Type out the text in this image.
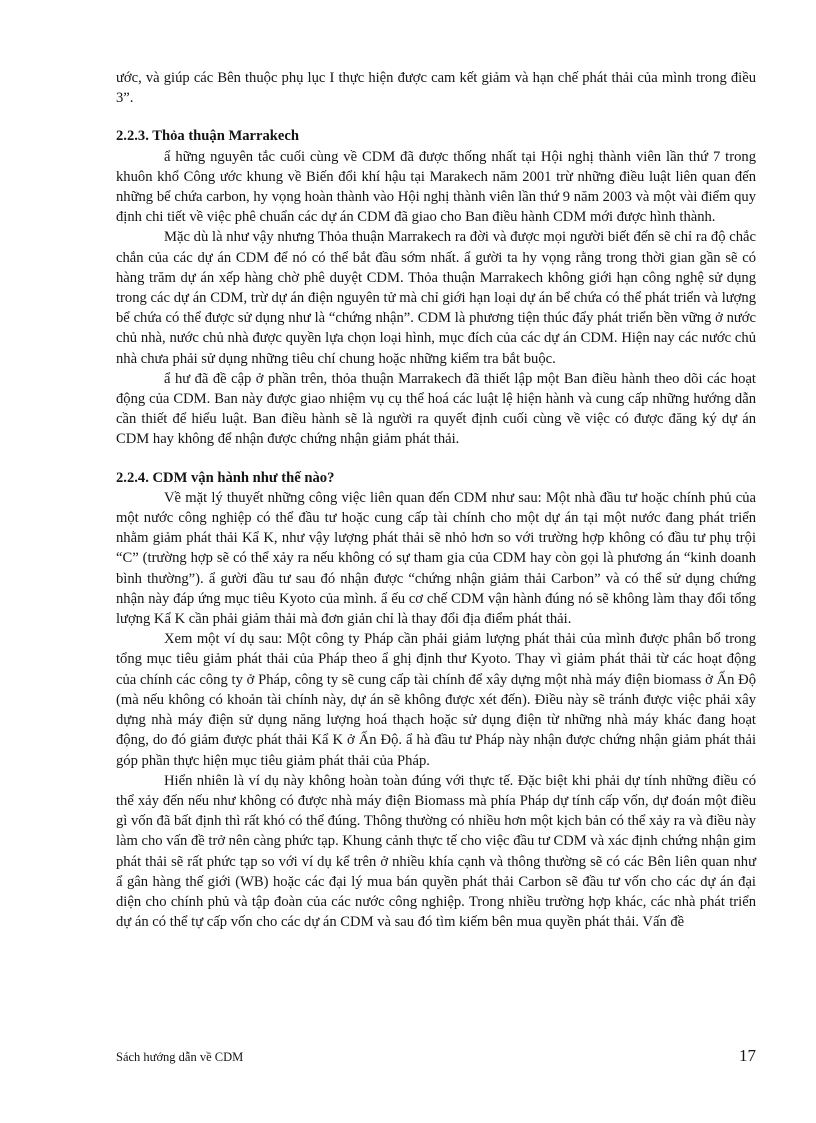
ước, và giúp các Bên thuộc phụ lục I thực hiện được cam kết giảm và hạn chế phát thải của mình trong điều 3”.

2.2.3. Thỏa thuận Marrakech

ẩ hững nguyên tắc cuối cùng về CDM đã được thống nhất tại Hội nghị thành viên lần thứ 7 trong khuôn khổ Công ước khung về Biến đổi khí hậu tại Marakech năm 2001 trừ những điều luật liên quan đến những bể chứa carbon, hy vọng hoàn thành vào Hội nghị thành viên lần thứ 9 năm 2003 và một vài điểm quy định chi tiết về việc phê chuẩn các dự án CDM đã giao cho Ban điều hành CDM mới được hình thành.

Mặc dù là như vậy nhưng Thỏa thuận Marrakech ra đời và được mọi người biết đến sẽ chỉ ra độ chắc chắn của các dự án CDM để nó có thể bắt đầu sớm nhất. ẩ gười ta hy vọng rằng trong thời gian gần sẽ có hàng trăm dự án xếp hàng chờ phê duyệt CDM. Thỏa thuận Marrakech không giới hạn công nghệ sử dụng trong các dự án CDM, trừ dự án điện nguyên tử mà chỉ giới hạn loại dự án bể chứa có thể phát triển và lượng bể chứa có thể được sử dụng như là “chứng nhận”. CDM là phương tiện thúc đẩy phát triển bền vững ở nước chủ nhà, nước chủ nhà được quyền lựa chọn loại hình, mục đích của các dự án CDM. Hiện nay các nước chủ nhà chưa phải sử dụng những tiêu chí chung hoặc những kiểm tra bắt buộc.

ẩ hư đã đề cập ở phần trên, thỏa thuận Marrakech đã thiết lập một Ban điều hành theo dõi các hoạt động của CDM. Ban này được giao nhiệm vụ cụ thể hoá các luật lệ hiện hành và cung cấp những hướng dẫn cần thiết để hiểu luật. Ban điều hành sẽ là người ra quyết định cuối cùng về việc có được đăng ký dự án CDM hay không để nhận được chứng nhận giảm phát thải.

2.2.4. CDM vận hành như thế nào?

Về mặt lý thuyết những công việc liên quan đến CDM như sau: Một nhà đầu tư hoặc chính phủ của một nước công nghiệp có thể đầu tư hoặc cung cấp tài chính cho một dự án tại một nước đang phát triển nhằm giảm phát thải Kẩ K, như vậy lượng phát thải sẽ nhỏ hơn so với trường hợp không có đầu tư phụ trội “C” (trường hợp sẽ có thể xảy ra nếu không có sự tham gia của CDM hay còn gọi là phương án “kinh doanh bình thường”). ẩ gười đầu tư sau đó nhận được “chứng nhận giảm thải Carbon” và có thể sử dụng chứng nhận này đáp ứng mục tiêu Kyoto của mình. ẩ ếu cơ chế CDM vận hành đúng nó sẽ không làm thay đổi tổng lượng Kẩ K cần phải giảm thải mà đơn giản chỉ là thay đổi địa điểm phát thải.

Xem một ví dụ sau: Một công ty Pháp cần phải giảm lượng phát thải của mình được phân bổ trong tổng mục tiêu giảm phát thải của Pháp theo ẩ ghị định thư Kyoto. Thay vì giảm phát thải từ các hoạt động của chính các công ty ở Pháp, công ty sẽ cung cấp tài chính để xây dựng một nhà máy điện biomass ở Ấn Độ (mà nếu không có khoản tài chính này, dự án sẽ không được xét đến). Điều này sẽ tránh được việc phải xây dựng nhà máy điện sử dụng năng lượng hoá thạch hoặc sử dụng điện từ những nhà máy khác đang hoạt động, do đó giảm được phát thải Kẩ K ở Ấn Độ. ẩ hà đầu tư Pháp này nhận được chứng nhận giảm phát thải góp phần thực hiện mục tiêu giảm phát thải của Pháp.

Hiển nhiên là ví dụ này không hoàn toàn đúng với thực tế. Đặc biệt khi phải dự tính những điều có thể xảy đến nếu như không có được nhà máy điện Biomass mà phía Pháp dự tính cấp vốn, dự đoán một điều gì vốn đã bất định thì rất khó có thể đúng. Thông thường có nhiều hơn một kịch bản có thể xảy ra và điều này làm cho vấn đề trở nên càng phức tạp. Khung cảnh thực tế cho việc đầu tư CDM và xác định chứng nhận gim phát thải sẽ rất phức tạp so với ví dụ kể trên ở nhiều khía cạnh và thông thường sẽ có các Bên liên quan như ẩ gân hàng thế giới (WB) hoặc các đại lý mua bán quyền phát thải Carbon sẽ đầu tư vốn cho các dự án đại diện cho chính phủ và tập đoàn của các nước công nghiệp. Trong nhiều trường hợp khác, các nhà phát triển dự án có thể tự cấp vốn cho các dự án CDM và sau đó tìm kiếm bên mua quyền phát thải. Vấn đề

Sách hướng dẫn về CDM	17
